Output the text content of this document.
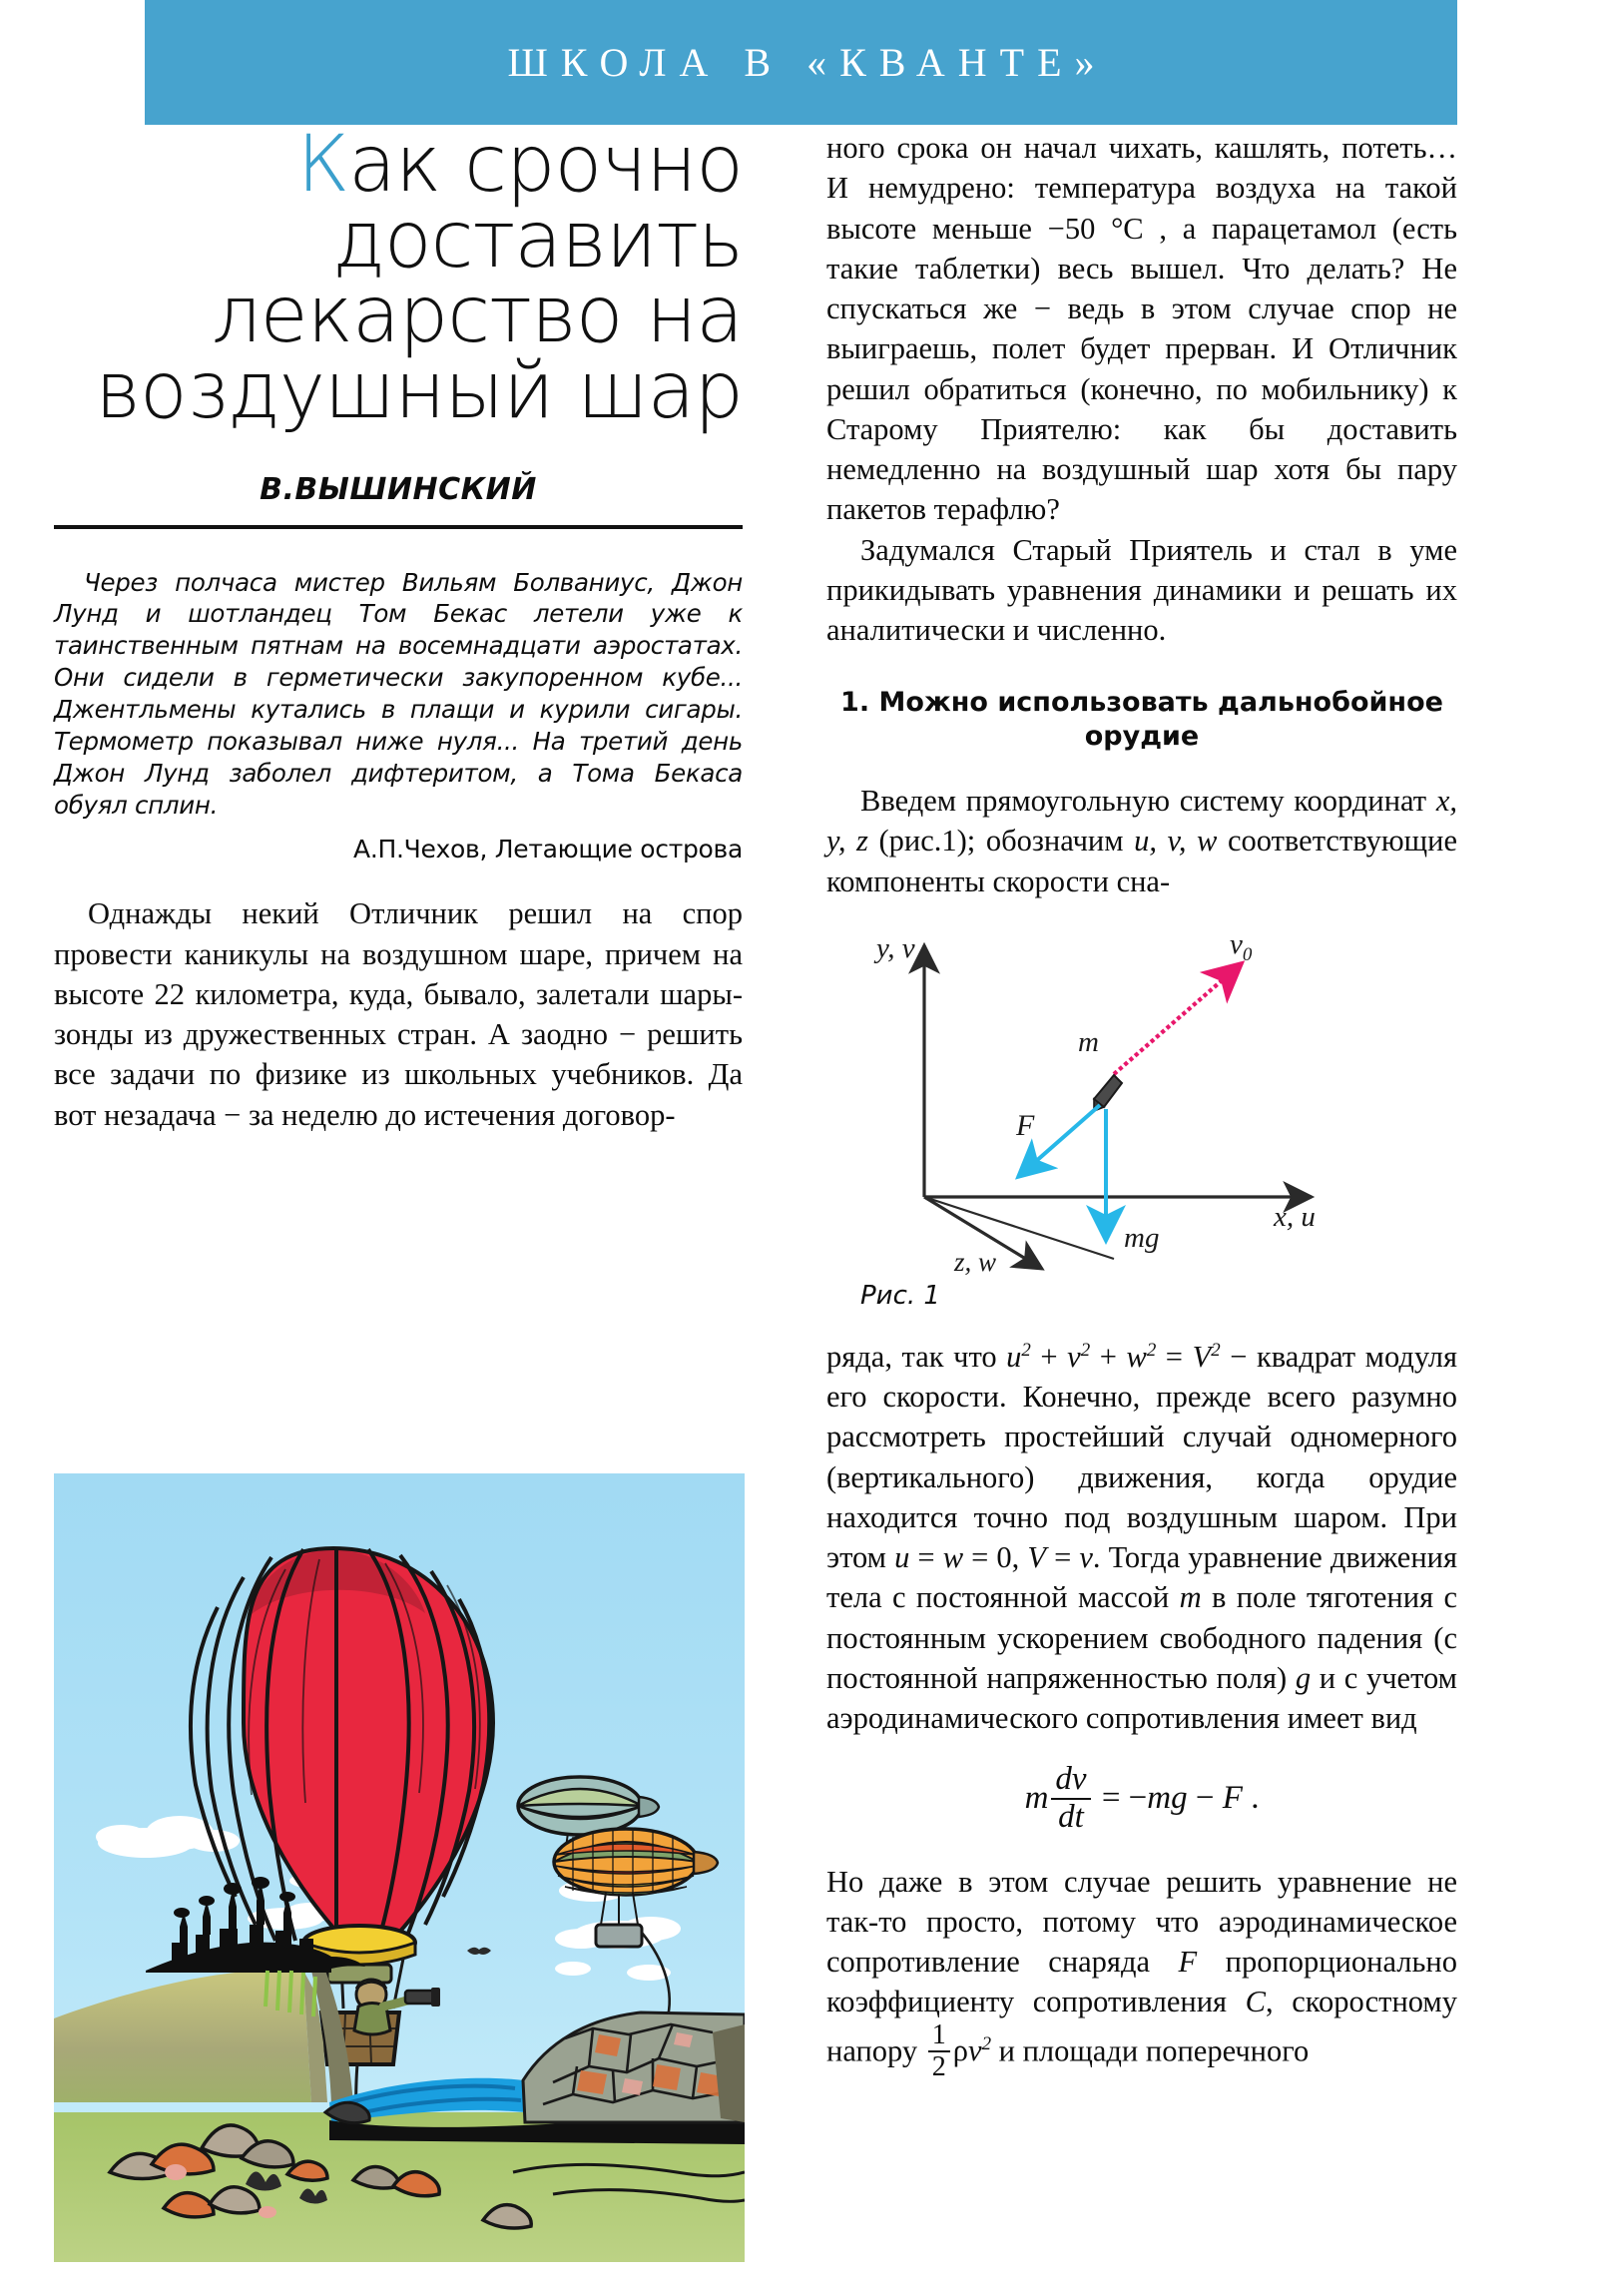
ШКОЛА В «КВАНТЕ»
Как срочно доставить лекарство на воздушный шар
В.ВЫШИНСКИЙ
Через полчаса мистер Вильям Болваниус, Джон Лунд и шотландец Том Бекас летели уже к таинственным пятнам на восемнадцати аэростатах. Они сидели в герметически закупоренном кубе... Джентльмены кутались в плащи и курили сигары. Термометр показывал ниже нуля... На третий день Джон Лунд заболел дифтеритом, а Тома Бекаса обуял сплин.
А.П.Чехов, Летающие острова

Однажды некий Отличник решил на спор провести каникулы на воздушном шаре, причем на высоте 22 километра, куда, бывало, залетали шары-зонды из дружественных стран. А заодно − решить все задачи по физике из школьных учебников. Да вот незадача − за неделю до истечения договор-

ного срока он начал чихать, кашлять, потеть… И немудрено: температура воздуха на такой высоте меньше −50 °C , а парацетамол (есть такие таблетки) весь вышел. Что делать? Не спускаться же − ведь в этом случае спор не выиграешь, полет будет прерван. И Отличник решил обратиться (конечно, по мобильнику) к Старому Приятелю: как бы доставить немедленно на воздушный шар хотя бы пару пакетов терафлю?

Задумался Старый Приятель и стал в уме прикидывать уравнения динамики и решать их аналитически и численно.

1. Можно использовать дальнобойное орудие

Введем прямоугольную систему координат x, y, z (рис.1); обозначим u, v, w соответствующие компоненты скорости сна-

y, v
x, u
z, w
$v_0$
m
F
mg
Рис. 1

ряда, так что $u^2 + v^2 + w^2 = V^2$ − квадрат модуля его скорости. Конечно, прежде всего разумно рассмотреть простейший случай одномерного (вертикального) движения, когда орудие находится точно под воздушным шаром. При этом u = w = 0, V = v. Тогда уравнение движения тела с постоянной массой m в поле тяготения с постоянным ускорением свободного падения (с постоянной напряженностью поля) g и с учетом аэродинамического сопротивления имеет вид

m $\frac{dv}{dt} = -mg - F$ .

Но даже в этом случае решить уравнение не так-то просто, потому что аэродинамическое сопротивление снаряда F пропорционально коэффициенту сопротивления C, скоростному напору $\frac{1}{2} \rho v^2$ и площади поперечного
